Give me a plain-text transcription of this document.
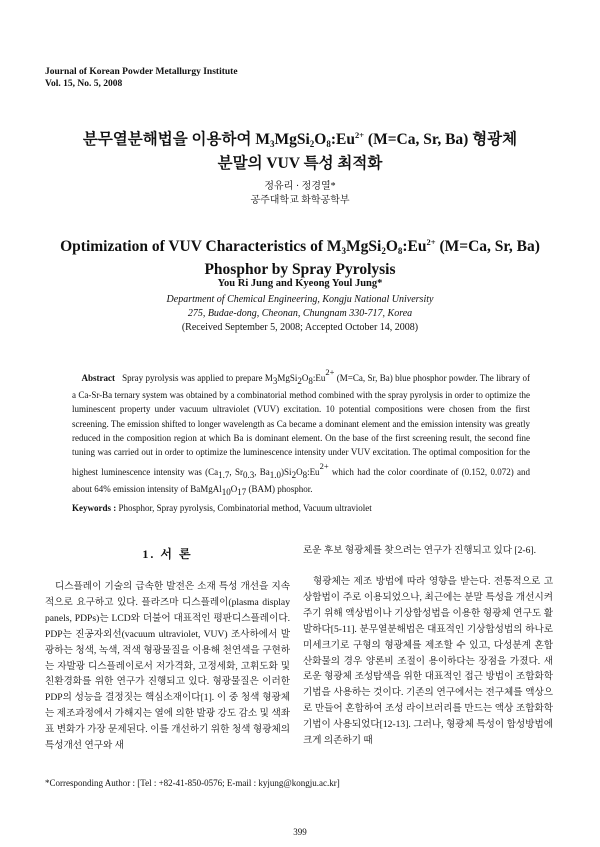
Journal of Korean Powder Metallurgy Institute
Vol. 15, No. 5, 2008
분무열분해법을 이용하여 $M_3MgSi_2O_8:Eu^{2+}$ (M=Ca, Sr, Ba) 형광체
분말의 VUV 특성 최적화
정유리 · 정경열*
공주대학교 화학공학부
Optimization of VUV Characteristics of $M_3MgSi_2O_8:Eu^{2+}$ (M=Ca, Sr, Ba)
Phosphor by Spray Pyrolysis
You Ri Jung and Kyeong Youl Jung*
Department of Chemical Engineering, Kongju National University
275, Budae-dong, Cheonan, Chungnam 330-717, Korea
(Received September 5, 2008; Accepted October 14, 2008)
Abstract Spray pyrolysis was applied to prepare M3MgSi2O8:Eu2+ (M=Ca, Sr, Ba) blue phosphor powder. The library of a Ca-Sr-Ba ternary system was obtained by a combinatorial method combined with the spray pyrolysis in order to optimize the luminescent property under vacuum ultraviolet (VUV) excitation. 10 potential compositions were chosen from the first screening. The emission shifted to longer wavelength as Ca became a dominant element and the emission intensity was greatly reduced in the composition region at which Ba is dominant element. On the base of the first screening result, the second fine tuning was carried out in order to optimize the luminescence intensity under VUV excitation. The optimal composition for the highest luminescence intensity was (Ca1.7, Sr0.3, Ba1.0)Si2O8:Eu2+ which had the color coordinate of (0.152, 0.072) and about 64% emission intensity of BaMgAl10O17 (BAM) phosphor.
Keywords : Phosphor, Spray pyrolysis, Combinatorial method, Vacuum ultraviolet
1. 서 론
디스플레이 기술의 급속한 발전은 소재 특성 개선을 지속적으로 요구하고 있다. 플라즈마 디스플레이(plasma display panels, PDPs)는 LCD와 더불어 대표적인 평판디스플레이다. PDP는 진공자외선(vacuum ultraviolet, VUV) 조사하에서 발광하는 청색, 녹색, 적색 형광물질을 이용해 천연색을 구현하는 자발광 디스플레이로서 저가격화, 고정세화, 고휘도화 및 친환경화를 위한 연구가 진행되고 있다. 형광물질은 이러한 PDP의 성능을 결정짓는 핵심소재이다[1]. 이 중 청색 형광체는 제조과정에서 가해지는 열에 의한 발광 강도 감소 및 색좌표 변화가 가장 문제된다. 이를 개선하기 위한 청색 형광체의 특성개선 연구와 새
로운 후보 형광체를 찾으려는 연구가 진행되고 있다 [2-6].
형광체는 제조 방법에 따라 영향을 받는다. 전통적으로 고상합법이 주로 이용되었으나, 최근에는 분말 특성을 개선시켜주기 위해 액상법이나 기상합성법을 이용한 형광체 연구도 활발하다[5-11]. 분무열분해법은 대표적인 기상합성법의 하나로 미세크기로 구형의 형광체를 제조할 수 있고, 다성분계 혼합산화물의 경우 양론비 조절이 용이하다는 장점을 가졌다. 새로운 형광체 조성탐색을 위한 대표적인 접근 방법이 조합화학기법을 사용하는 것이다. 기존의 연구에서는 전구체를 액상으로 만들어 혼합하여 조성 라이브러리를 만드는 액상 조합화학기법이 사용되었다[12-13]. 그러나, 형광체 특성이 합성방법에 크게 의존하기 때
*Corresponding Author : [Tel : +82-41-850-0576; E-mail : kyjung@kongju.ac.kr]
399
